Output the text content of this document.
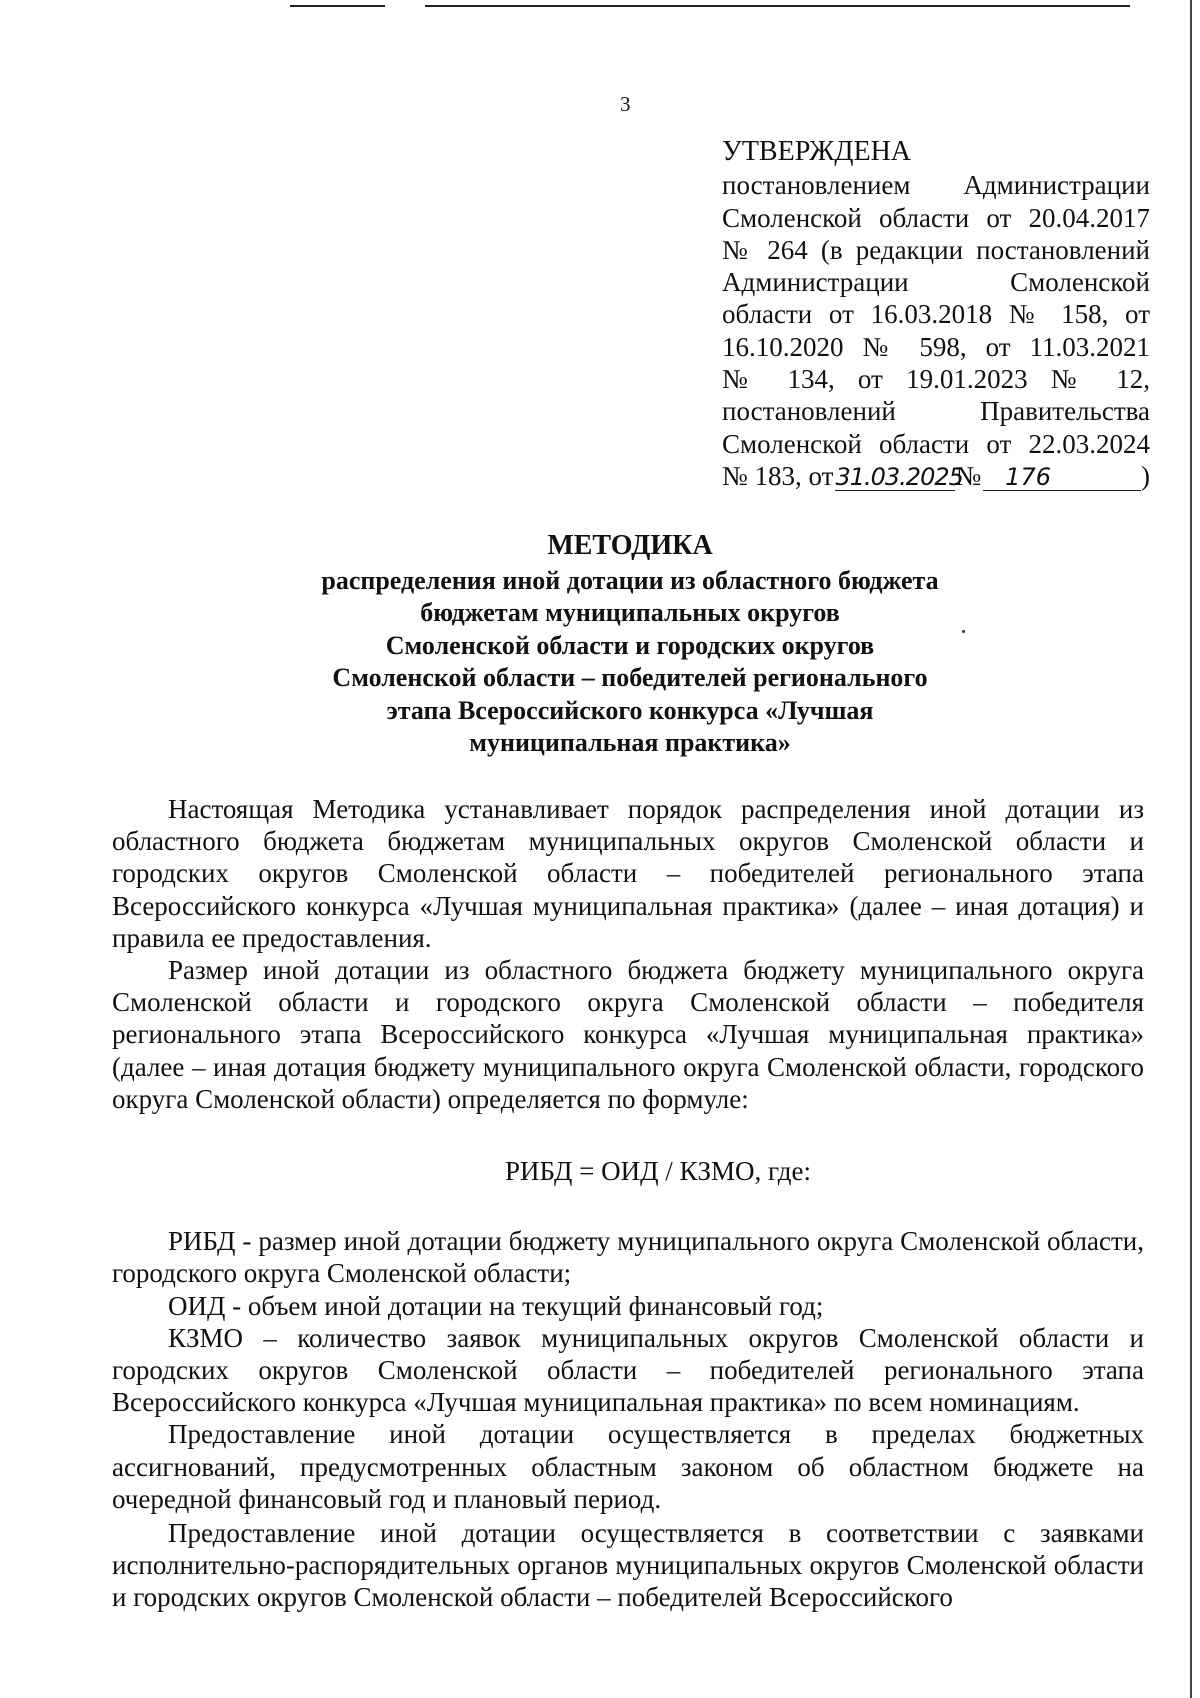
3
УТВЕРЖДЕНА
постановлением Администрации
Смоленской области от 20.04.2017
№ 264 (в редакции постановлений
Администрации Смоленской
области от 16.03.2018 № 158, от
16.10.2020 № 598, от 11.03.2021
№ 134, от 19.01.2023 № 12,
постановлений Правительства
Смоленской области от 22.03.2024
№ 183, от 31.03.2025
№	176	)
МЕТОДИКА
распределения иной дотации из областного бюджета
бюджетам муниципальных округов
Смоленской области и городских округов
Смоленской области – победителей регионального
этапа Всероссийского конкурса «Лучшая
муниципальная практика»

Настоящая Методика устанавливает порядок распределения иной дотации из областного бюджета бюджетам муниципальных округов Смоленской области и городских округов Смоленской области – победителей регионального этапа Всероссийского конкурса «Лучшая муниципальная практика» (далее – иная дотация) и правила ее предоставления.

Размер иной дотации из областного бюджета бюджету муниципального округа Смоленской области и городского округа Смоленской области – победителя регионального этапа Всероссийского конкурса «Лучшая муниципальная практика» (далее – иная дотация бюджету муниципального округа Смоленской области, городского округа Смоленской области) определяется по формуле:

РИБД = ОИД / КЗМО, где:

РИБД - размер иной дотации бюджету муниципального округа Смоленской области, городского округа Смоленской области;

ОИД - объем иной дотации на текущий финансовый год;

КЗМО – количество заявок муниципальных округов Смоленской области и городских округов Смоленской области – победителей регионального этапа Всероссийского конкурса «Лучшая муниципальная практика» по всем номинациям.

Предоставление иной дотации осуществляется в пределах бюджетных ассигнований, предусмотренных областным законом об областном бюджете на очередной финансовый год и плановый период.

Предоставление иной дотации осуществляется в соответствии с заявками исполнительно-распорядительных органов муниципальных округов Смоленской области и городских округов Смоленской области – победителей Всероссийского
